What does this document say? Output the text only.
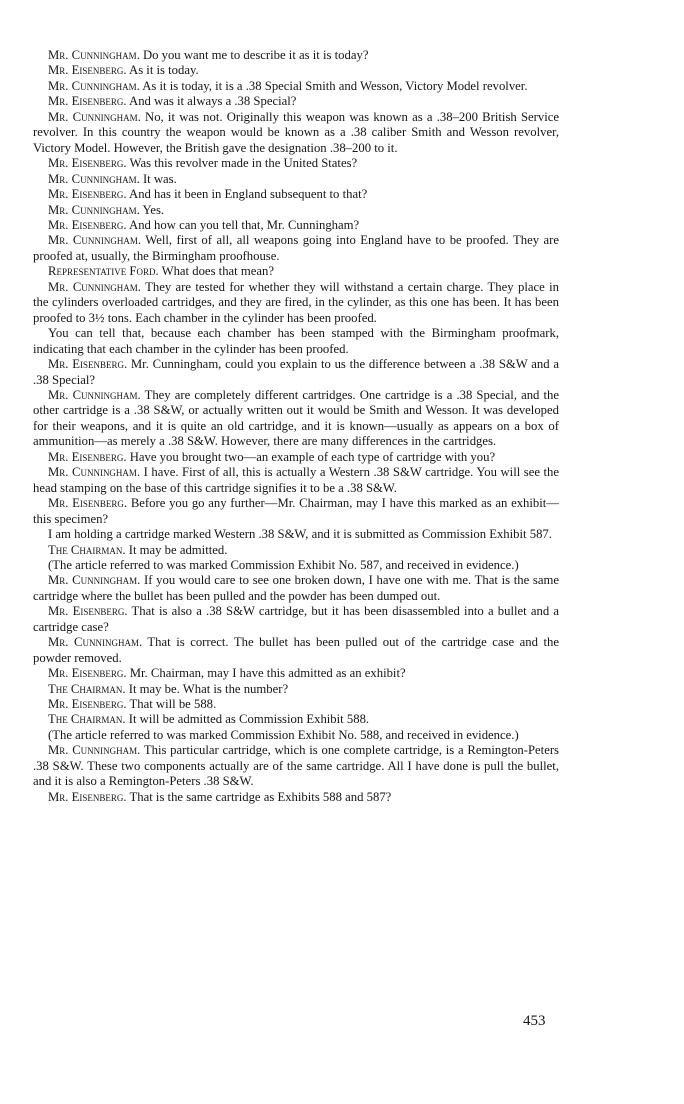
Mr. Cunningham. Do you want me to describe it as it is today?

Mr. Eisenberg. As it is today.

Mr. Cunningham. As it is today, it is a .38 Special Smith and Wesson, Victory Model revolver.

Mr. Eisenberg. And was it always a .38 Special?

Mr. Cunningham. No, it was not. Originally this weapon was known as a .38–200 British Service revolver. In this country the weapon would be known as a .38 caliber Smith and Wesson revolver, Victory Model. However, the British gave the designation .38–200 to it.

Mr. Eisenberg. Was this revolver made in the United States?

Mr. Cunningham. It was.

Mr. Eisenberg. And has it been in England subsequent to that?

Mr. Cunningham. Yes.

Mr. Eisenberg. And how can you tell that, Mr. Cunningham?

Mr. Cunningham. Well, first of all, all weapons going into England have to be proofed. They are proofed at, usually, the Birmingham proofhouse.

Representative Ford. What does that mean?

Mr. Cunningham. They are tested for whether they will withstand a certain charge. They place in the cylinders overloaded cartridges, and they are fired, in the cylinder, as this one has been. It has been proofed to 3½ tons. Each chamber in the cylinder has been proofed.

You can tell that, because each chamber has been stamped with the Birmingham proofmark, indicating that each chamber in the cylinder has been proofed.

Mr. Eisenberg. Mr. Cunningham, could you explain to us the difference between a .38 S&W and a .38 Special?

Mr. Cunningham. They are completely different cartridges. One cartridge is a .38 Special, and the other cartridge is a .38 S&W, or actually written out it would be Smith and Wesson. It was developed for their weapons, and it is quite an old cartridge, and it is known—usually as appears on a box of ammunition—as merely a .38 S&W. However, there are many differences in the cartridges.

Mr. Eisenberg. Have you brought two—an example of each type of cartridge with you?

Mr. Cunningham. I have. First of all, this is actually a Western .38 S&W cartridge. You will see the head stamping on the base of this cartridge signifies it to be a .38 S&W.

Mr. Eisenberg. Before you go any further—Mr. Chairman, may I have this marked as an exhibit—this specimen?

I am holding a cartridge marked Western .38 S&W, and it is submitted as Commission Exhibit 587.

The Chairman. It may be admitted.

(The article referred to was marked Commission Exhibit No. 587, and received in evidence.)

Mr. Cunningham. If you would care to see one broken down, I have one with me. That is the same cartridge where the bullet has been pulled and the powder has been dumped out.

Mr. Eisenberg. That is also a .38 S&W cartridge, but it has been disassembled into a bullet and a cartridge case?

Mr. Cunningham. That is correct. The bullet has been pulled out of the cartridge case and the powder removed.

Mr. Eisenberg. Mr. Chairman, may I have this admitted as an exhibit?

The Chairman. It may be. What is the number?

Mr. Eisenberg. That will be 588.

The Chairman. It will be admitted as Commission Exhibit 588.

(The article referred to was marked Commission Exhibit No. 588, and received in evidence.)

Mr. Cunningham. This particular cartridge, which is one complete cartridge, is a Remington-Peters .38 S&W. These two components actually are of the same cartridge. All I have done is pull the bullet, and it is also a Remington-Peters .38 S&W.

Mr. Eisenberg. That is the same cartridge as Exhibits 588 and 587?

453
